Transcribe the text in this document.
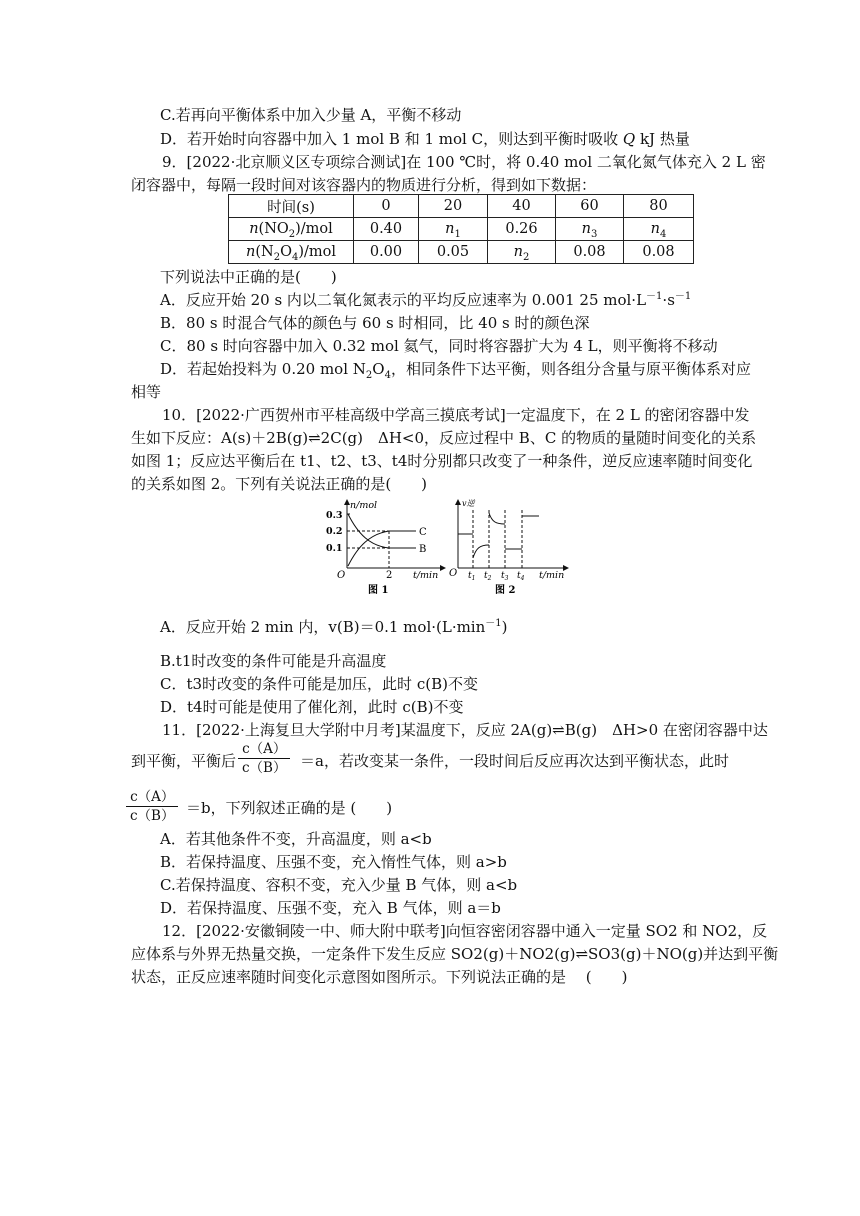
C.若再向平衡体系中加入少量 A，平衡不移动
D．若开始时向容器中加入 1 mol B 和 1 mol C，则达到平衡时吸收 Q kJ 热量
9．[2022·北京顺义区专项综合测试]在 100 ℃时，将 0.40 mol 二氧化氮气体充入 2 L 密
闭容器中，每隔一段时间对该容器内的物质进行分析，得到如下数据：
时间(s)	0	20	40	60	80
$n(NO_2)$/mol	0.40	$n_1$	0.26	$n_3$	$n_4$
$n(N_2O_4)$/mol	0.00	0.05	$n_2$	0.08	0.08
下列说法中正确的是(　　)
A．反应开始 20 s 内以二氧化氮表示的平均反应速率为 0.001 25 $mol\cdot L^{-1}\cdot s^{-1}$
B．80 s 时混合气体的颜色与 60 s 时相同，比 40 s 时的颜色深
C．80 s 时向容器中加入 0.32 mol 氦气，同时将容器扩大为 4 L，则平衡将不移动
D．若起始投料为 0.20 mol $N_2O_4$，相同条件下达平衡，则各组分含量与原平衡体系对应
相等
10．[2022·广西贺州市平桂高级中学高三摸底考试]一定温度下，在 2 L 的密闭容器中发
生如下反应：A(s)＋2B(g)⇌2C(g)　ΔH<0，反应过程中 B、C 的物质的量随时间变化的关系
如图 1；反应达平衡后在 t1、t2、t3、t4时分别都只改变了一种条件，逆反应速率随时间变化
的关系如图 2。下列有关说法正确的是(　　)
n/mol
O
0.3
0.2
0.1
C
B
2 t/min
图 1
v逆
O $t_1$ $t_2$ $t_3$ $t_4$ t/min
图 2
A．反应开始 2 min 内，v(B)＝0.1 $mol\cdot(L\cdot\min^{-1})$
B.t1时改变的条件可能是升高温度
C．t3时改变的条件可能是加压，此时 c(B)不变
D．t4时可能是使用了催化剂，此时 c(B)不变
11．[2022·上海复旦大学附中月考]某温度下，反应 2A(g)⇌B(g)　ΔH>0 在密闭容器中达
到平衡，平衡后 $\frac{c(A)}{c(B)} =a$，若改变某一条件，一段时间后反应再次达到平衡状态，此时
$\frac{c(A)}{c(B)} =b$，下列叙述正确的是 (　　)
A．若其他条件不变，升高温度，则 a<b
B．若保持温度、压强不变，充入惰性气体，则 a>b
C.若保持温度、容积不变，充入少量 B 气体，则 a<b
D．若保持温度、压强不变，充入 B 气体，则 a＝b
12．[2022·安徽铜陵一中、师大附中联考]向恒容密闭容器中通入一定量 SO2 和 NO2，反
应体系与外界无热量交换，一定条件下发生反应 SO2(g)＋NO2(g)⇌SO3(g)＋NO(g)并达到平衡
状态，正反应速率随时间变化示意图如图所示。下列说法正确的是　 (　　)
